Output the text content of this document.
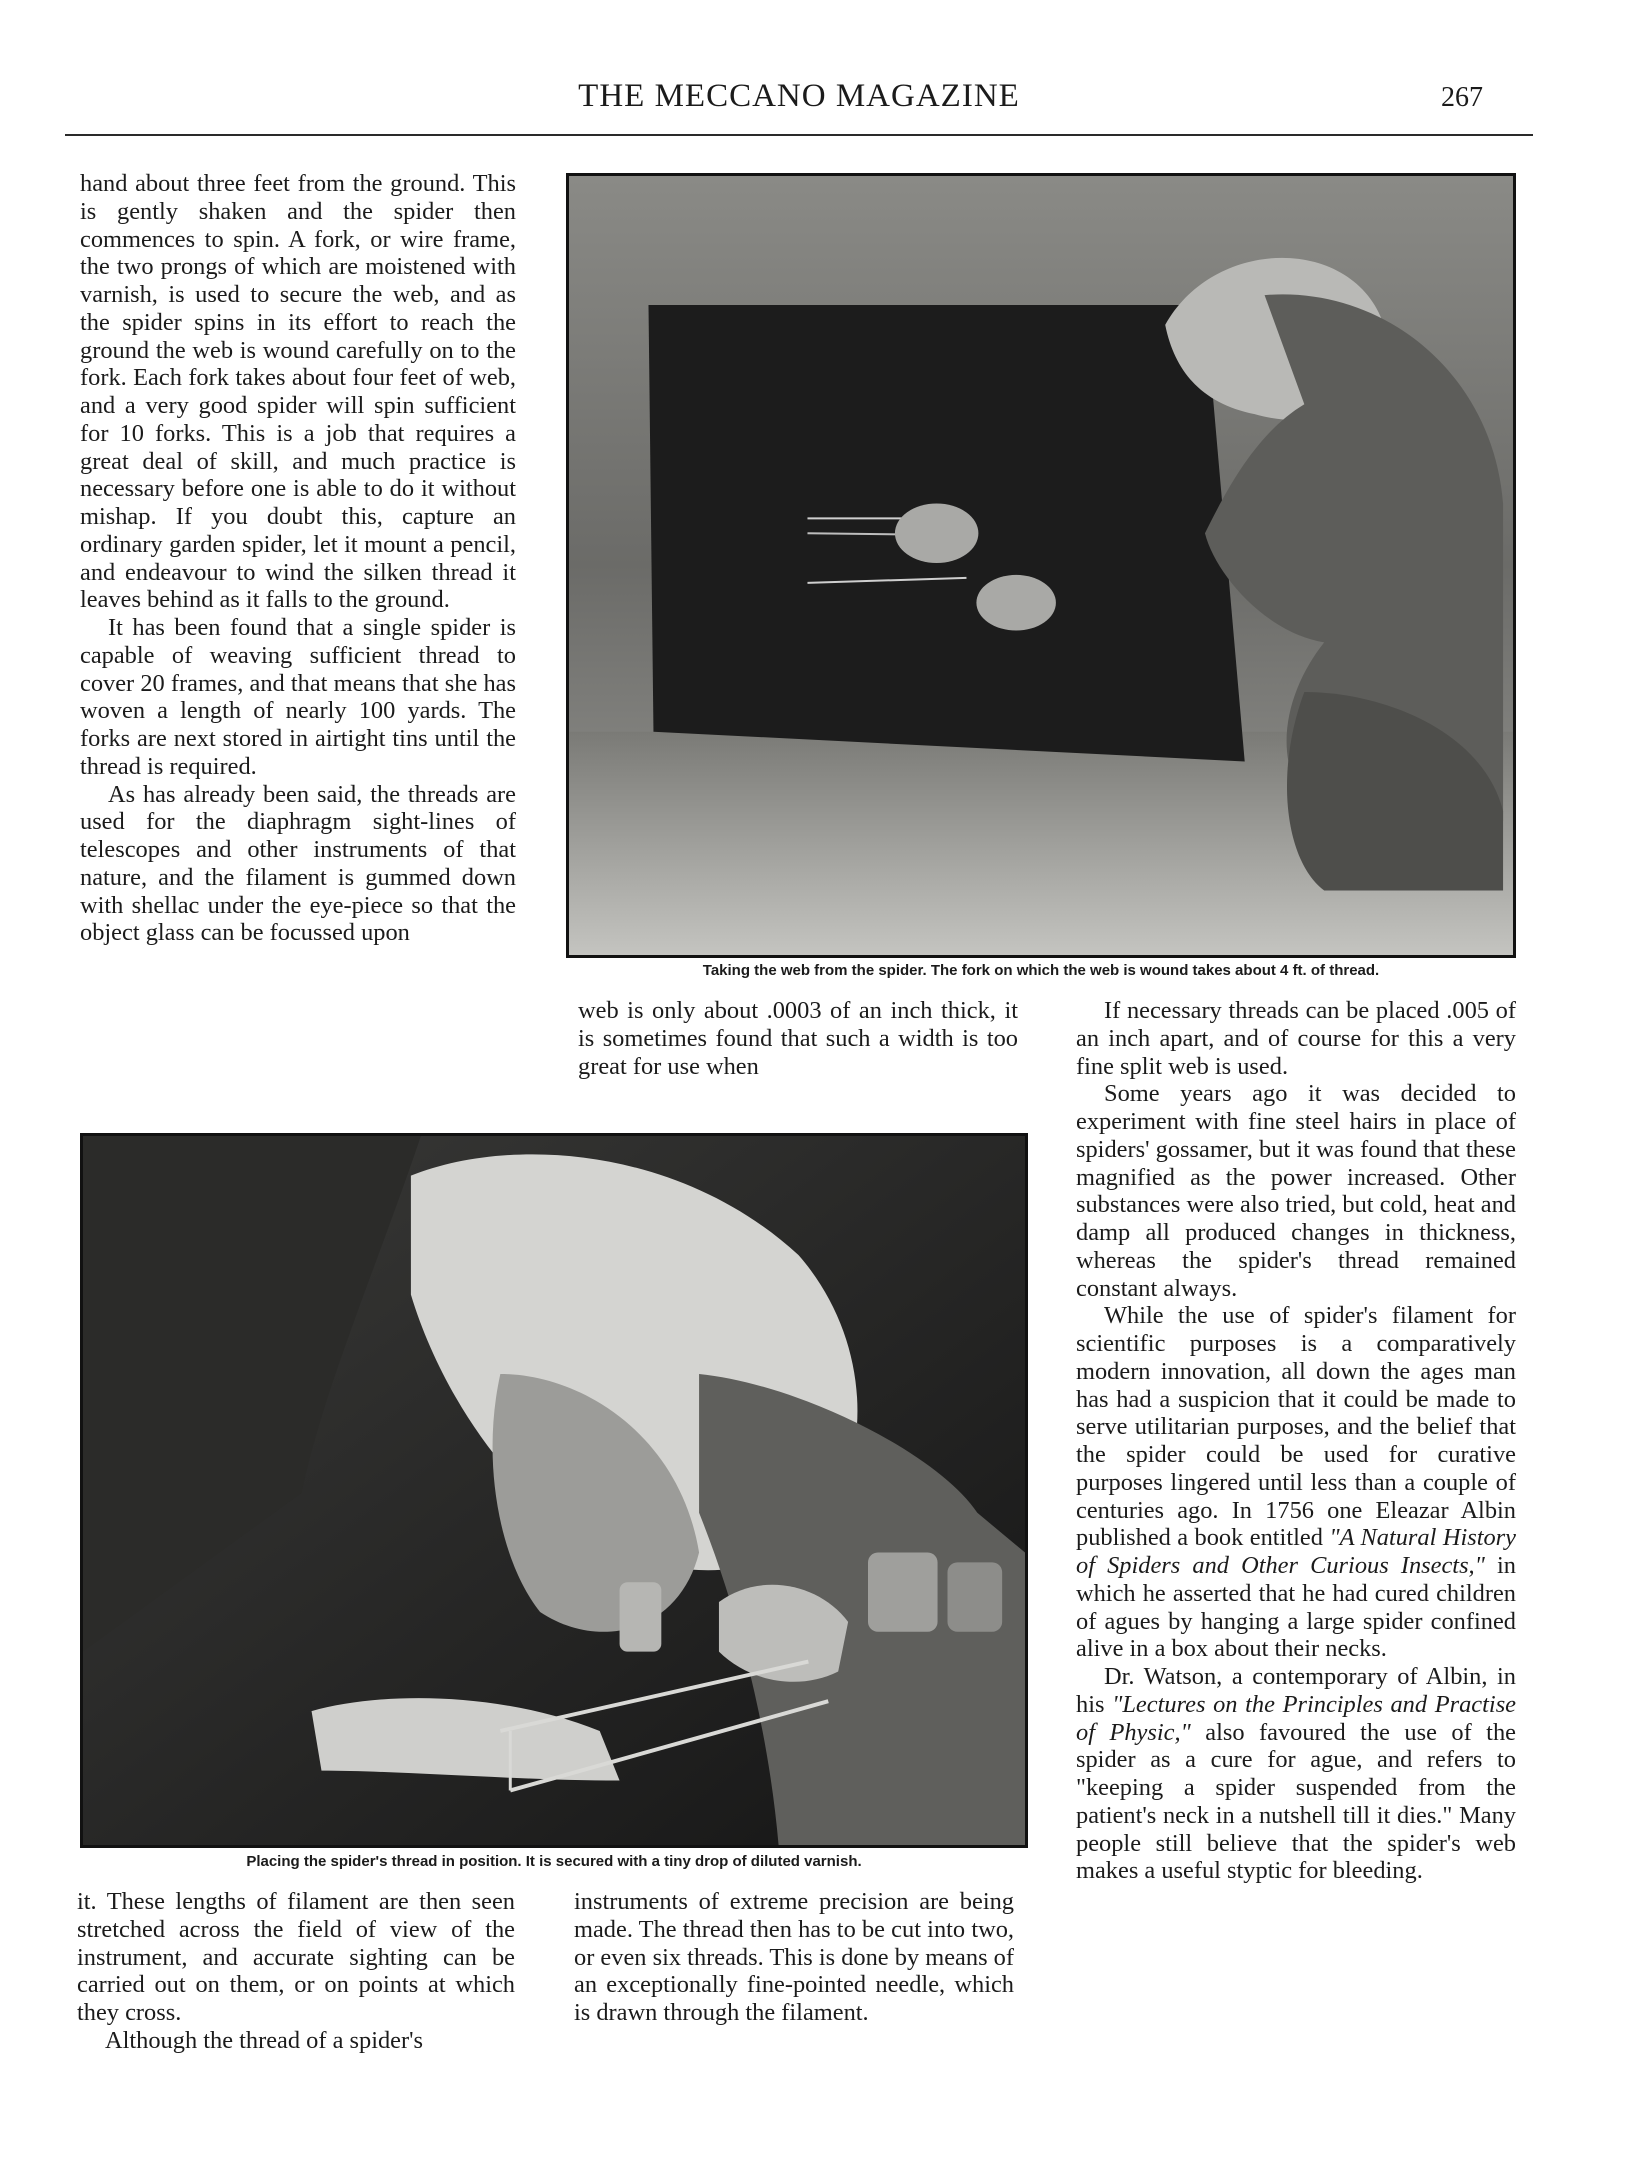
THE MECCANO MAGAZINE	267

hand about three feet from the ground. This is gently shaken and the spider then commences to spin. A fork, or wire frame, the two prongs of which are moistened with varnish, is used to secure the web, and as the spider spins in its effort to reach the ground the web is wound carefully on to the fork. Each fork takes about four feet of web, and a very good spider will spin sufficient for 10 forks. This is a job that requires a great deal of skill, and much practice is necessary before one is able to do it without mishap. If you doubt this, capture an ordinary garden spider, let it mount a pencil, and endeavour to wind the silken thread it leaves behind as it falls to the ground.

It has been found that a single spider is capable of weaving sufficient thread to cover 20 frames, and that means that she has woven a length of nearly 100 yards. The forks are next stored in airtight tins until the thread is required.

As has already been said, the threads are used for the diaphragm sight-lines of telescopes and other instruments of that nature, and the filament is gummed down with shellac under the eye-piece so that the object glass can be focussed upon

Taking the web from the spider. The fork on which the web is wound takes about 4 ft. of thread.

web is only about .0003 of an inch thick, it is sometimes found that such a width is too great for use when

If necessary threads can be placed .005 of an inch apart, and of course for this a very fine split web is used.

Some years ago it was decided to experiment with fine steel hairs in place of spiders' gossamer, but it was found that these magnified as the power increased. Other substances were also tried, but cold, heat and damp all produced changes in thickness, whereas the spider's thread remained constant always.

While the use of spider's filament for scientific purposes is a comparatively modern innovation, all down the ages man has had a suspicion that it could be made to serve utilitarian purposes, and the belief that the spider could be used for curative purposes lingered until less than a couple of centuries ago. In 1756 one Eleazar Albin published a book entitled "A Natural History of Spiders and Other Curious Insects," in which he asserted that he had cured children of agues by hanging a large spider confined alive in a box about their necks.

Dr. Watson, a contemporary of Albin, in his "Lectures on the Principles and Practise of Physic," also favoured the use of the spider as a cure for ague, and refers to "keeping a spider suspended from the patient's neck in a nutshell till it dies." Many people still believe that the spider's web makes a useful styptic for bleeding.

Placing the spider's thread in position. It is secured with a tiny drop of diluted varnish.

it. These lengths of filament are then seen stretched across the field of view of the instrument, and accurate sighting can be carried out on them, or on points at which they cross.

Although the thread of a spider's

instruments of extreme precision are being made. The thread then has to be cut into two, or even six threads. This is done by means of an exceptionally fine-pointed needle, which is drawn through the filament.
